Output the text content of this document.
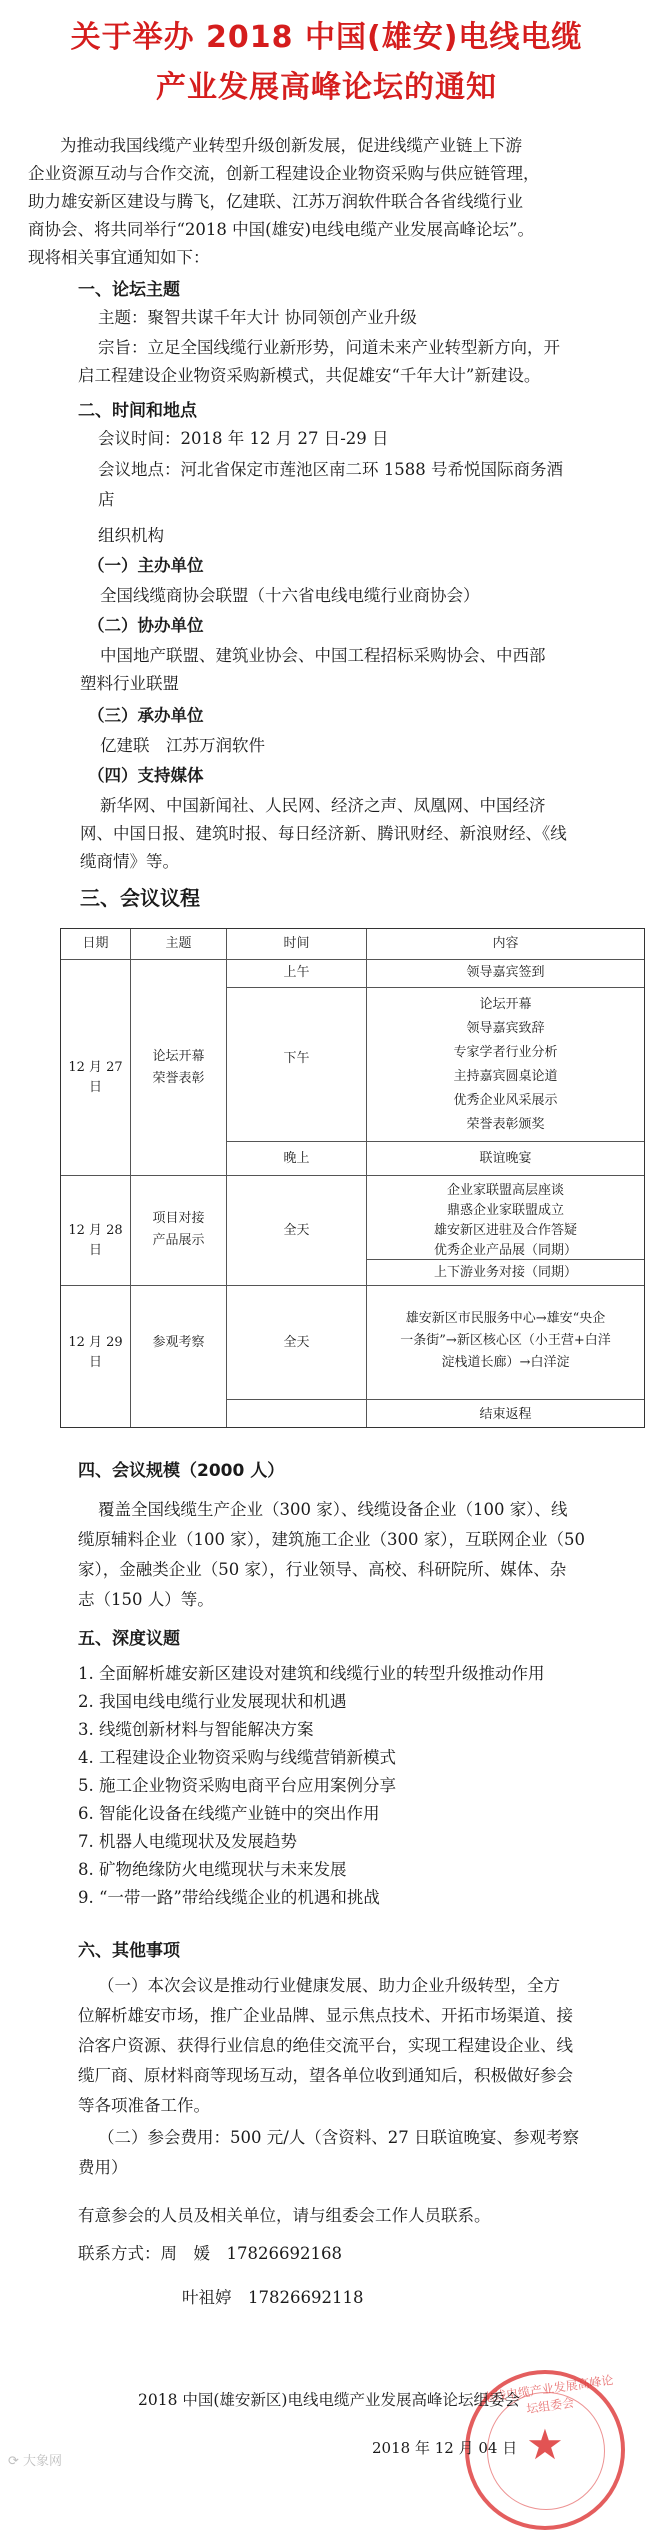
关于举办 2018 中国(雄安)电线电缆
产业发展高峰论坛的通知
为推动我国线缆产业转型升级创新发展，促进线缆产业链上下游
企业资源互动与合作交流，创新工程建设企业物资采购与供应链管理，
助力雄安新区建设与腾飞，亿建联、江苏万润软件联合各省线缆行业
商协会、将共同举行“2018 中国(雄安)电线电缆产业发展高峰论坛”。
现将相关事宜通知如下：
一、论坛主题
主题：聚智共谋千年大计 协同领创产业升级
宗旨：立足全国线缆行业新形势，问道未来产业转型新方向，开
启工程建设企业物资采购新模式，共促雄安“千年大计”新建设。
二、时间和地点
会议时间：2018 年 12 月 27 日-29 日
会议地点：河北省保定市莲池区南二环 1588 号希悦国际商务酒
店
组织机构
（一）主办单位
全国线缆商协会联盟（十六省电线电缆行业商协会）
（二）协办单位
中国地产联盟、建筑业协会、中国工程招标采购协会、中西部
塑料行业联盟
（三）承办单位
亿建联　江苏万润软件
（四）支持媒体
新华网、中国新闻社、人民网、经济之声、凤凰网、中国经济
网、中国日报、建筑时报、每日经济新、腾讯财经、新浪财经、《线
缆商情》等。
三、会议议程
日期	主题	时间	内容
12 月 27 日
论坛开幕
荣誉表彰
上午	领导嘉宾签到
下午
论坛开幕
领导嘉宾致辞
专家学者行业分析
主持嘉宾圆桌论道
优秀企业风采展示
荣誉表彰颁奖
晚上	联谊晚宴
12 月 28 日
项目对接
产品展示
全天
企业家联盟高层座谈
鼎惑企业家联盟成立
雄安新区进驻及合作答疑
优秀企业产品展（同期）
上下游业务对接（同期）
12 月 29 日
参观考察	全天
雄安新区市民服务中心→雄安“央企
一条街”→新区核心区（小王营+白洋
淀栈道长廊）→白洋淀
结束返程
四、会议规模（2000 人）
覆盖全国线缆生产企业（300 家）、线缆设备企业（100 家）、线
缆原辅料企业（100 家），建筑施工企业（300 家），互联网企业（50
家），金融类企业（50 家），行业领导、高校、科研院所、媒体、杂
志（150 人）等。
五、深度议题
1. 全面解析雄安新区建设对建筑和线缆行业的转型升级推动作用
2. 我国电线电缆行业发展现状和机遇
3. 线缆创新材料与智能解决方案
4. 工程建设企业物资采购与线缆营销新模式
5. 施工企业物资采购电商平台应用案例分享
6. 智能化设备在线缆产业链中的突出作用
7. 机器人电缆现状及发展趋势
8. 矿物绝缘防火电缆现状与未来发展
9. “一带一路”带给线缆企业的机遇和挑战
六、其他事项
（一）本次会议是推动行业健康发展、助力企业升级转型，全方
位解析雄安市场，推广企业品牌、显示焦点技术、开拓市场渠道、接
洽客户资源、获得行业信息的绝佳交流平台，实现工程建设企业、线
缆厂商、原材料商等现场互动，望各单位收到通知后，积极做好参会
等各项准备工作。
（二）参会费用：500 元/人（含资料、27 日联谊晚宴、参观考察
费用）
有意参会的人员及相关单位，请与组委会工作人员联系。
联系方式：周　媛　17826692168
叶祖婷　17826692118
电线电缆产业发展高峰论坛组委会
★
2018 中国(雄安新区)电线电缆产业发展高峰论坛组委会
2018 年 12 月 04 日
⟳ 大象网
